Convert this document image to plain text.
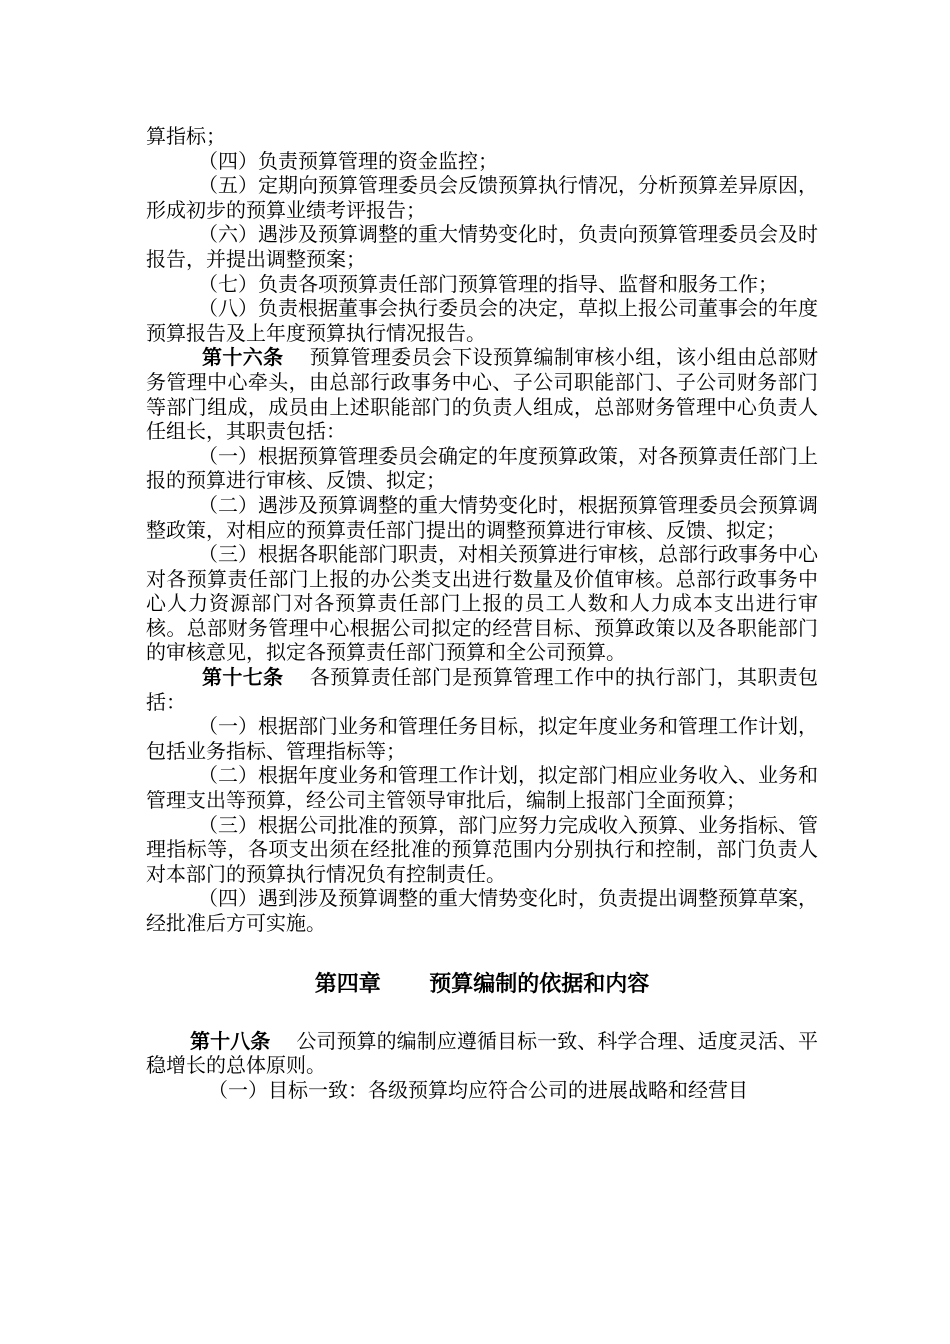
算指标；

（四）负责预算管理的资金监控；

（五）定期向预算管理委员会反馈预算执行情况，分析预算差异原因，形成初步的预算业绩考评报告；

（六）遇涉及预算调整的重大情势变化时，负责向预算管理委员会及时报告，并提出调整预案；

（七）负责各项预算责任部门预算管理的指导、监督和服务工作；

（八）负责根据董事会执行委员会的决定，草拟上报公司董事会的年度预算报告及上年度预算执行情况报告。

第十六条 预算管理委员会下设预算编制审核小组，该小组由总部财务管理中心牵头，由总部行政事务中心、子公司职能部门、子公司财务部门等部门组成，成员由上述职能部门的负责人组成，总部财务管理中心负责人任组长，其职责包括：

（一）根据预算管理委员会确定的年度预算政策，对各预算责任部门上报的预算进行审核、反馈、拟定；

（二）遇涉及预算调整的重大情势变化时，根据预算管理委员会预算调整政策，对相应的预算责任部门提出的调整预算进行审核、反馈、拟定；

（三）根据各职能部门职责，对相关预算进行审核，总部行政事务中心对各预算责任部门上报的办公类支出进行数量及价值审核。总部行政事务中心人力资源部门对各预算责任部门上报的员工人数和人力成本支出进行审核。总部财务管理中心根据公司拟定的经营目标、预算政策以及各职能部门的审核意见，拟定各预算责任部门预算和全公司预算。

第十七条 各预算责任部门是预算管理工作中的执行部门，其职责包括：

（一）根据部门业务和管理任务目标，拟定年度业务和管理工作计划，包括业务指标、管理指标等；

（二）根据年度业务和管理工作计划，拟定部门相应业务收入、业务和管理支出等预算，经公司主管领导审批后，编制上报部门全面预算；

（三）根据公司批准的预算，部门应努力完成收入预算、业务指标、管理指标等，各项支出须在经批准的预算范围内分别执行和控制，部门负责人对本部门的预算执行情况负有控制责任。

（四）遇到涉及预算调整的重大情势变化时，负责提出调整预算草案，经批准后方可实施。

第四章 预算编制的依据和内容

第十八条 公司预算的编制应遵循目标一致、科学合理、适度灵活、平稳增长的总体原则。

（一）目标一致：各级预算均应符合公司的进展战略和经营目
